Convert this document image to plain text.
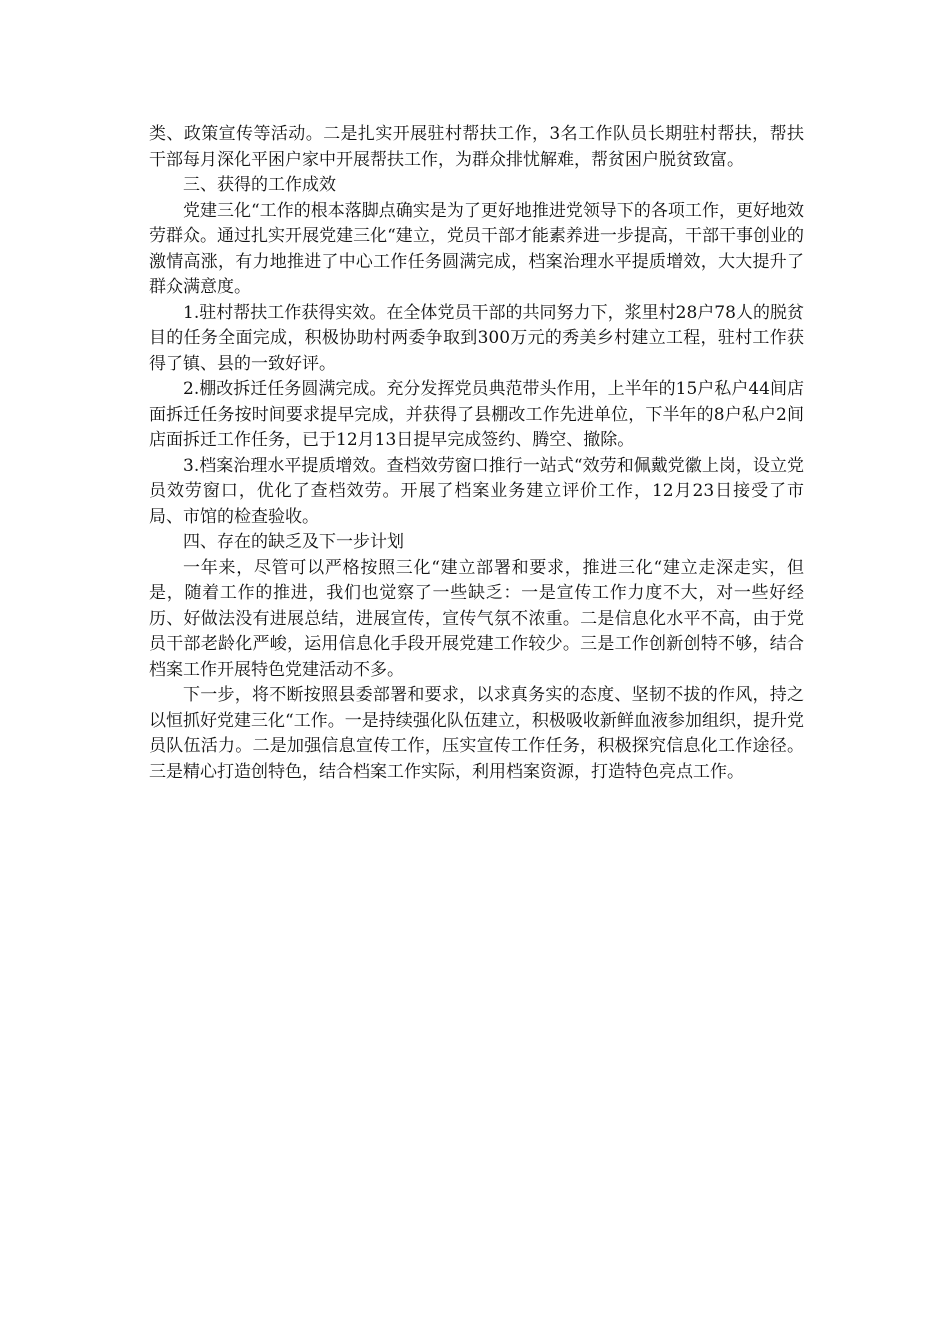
类、政策宣传等活动。二是扎实开展驻村帮扶工作，3名工作队员长期驻村帮扶，帮扶干部每月深化平困户家中开展帮扶工作，为群众排忧解难，帮贫困户脱贫致富。

三、获得的工作成效

党建三化“工作的根本落脚点确实是为了更好地推进党领导下的各项工作，更好地效劳群众。通过扎实开展党建三化“建立，党员干部才能素养进一步提高，干部干事创业的激情高涨，有力地推进了中心工作任务圆满完成，档案治理水平提质增效，大大提升了群众满意度。

1.驻村帮扶工作获得实效。在全体党员干部的共同努力下，浆里村28户78人的脱贫目的任务全面完成，积极协助村两委争取到300万元的秀美乡村建立工程，驻村工作获得了镇、县的一致好评。

2.棚改拆迁任务圆满完成。充分发挥党员典范带头作用，上半年的15户私户44间店面拆迁任务按时间要求提早完成，并获得了县棚改工作先进单位，下半年的8户私户2间店面拆迁工作任务，已于12月13日提早完成签约、腾空、撤除。

3.档案治理水平提质增效。查档效劳窗口推行一站式“效劳和佩戴党徽上岗，设立党员效劳窗口，优化了查档效劳。开展了档案业务建立评价工作，12月23日接受了市局、市馆的检查验收。

四、存在的缺乏及下一步计划

一年来，尽管可以严格按照三化“建立部署和要求，推进三化“建立走深走实，但是，随着工作的推进，我们也觉察了一些缺乏：一是宣传工作力度不大，对一些好经历、好做法没有进展总结，进展宣传，宣传气氛不浓重。二是信息化水平不高，由于党员干部老龄化严峻，运用信息化手段开展党建工作较少。三是工作创新创特不够，结合档案工作开展特色党建活动不多。

下一步，将不断按照县委部署和要求，以求真务实的态度、坚韧不拔的作风，持之以恒抓好党建三化“工作。一是持续强化队伍建立，积极吸收新鲜血液参加组织，提升党员队伍活力。二是加强信息宣传工作，压实宣传工作任务，积极探究信息化工作途径。三是精心打造创特色，结合档案工作实际，利用档案资源，打造特色亮点工作。
